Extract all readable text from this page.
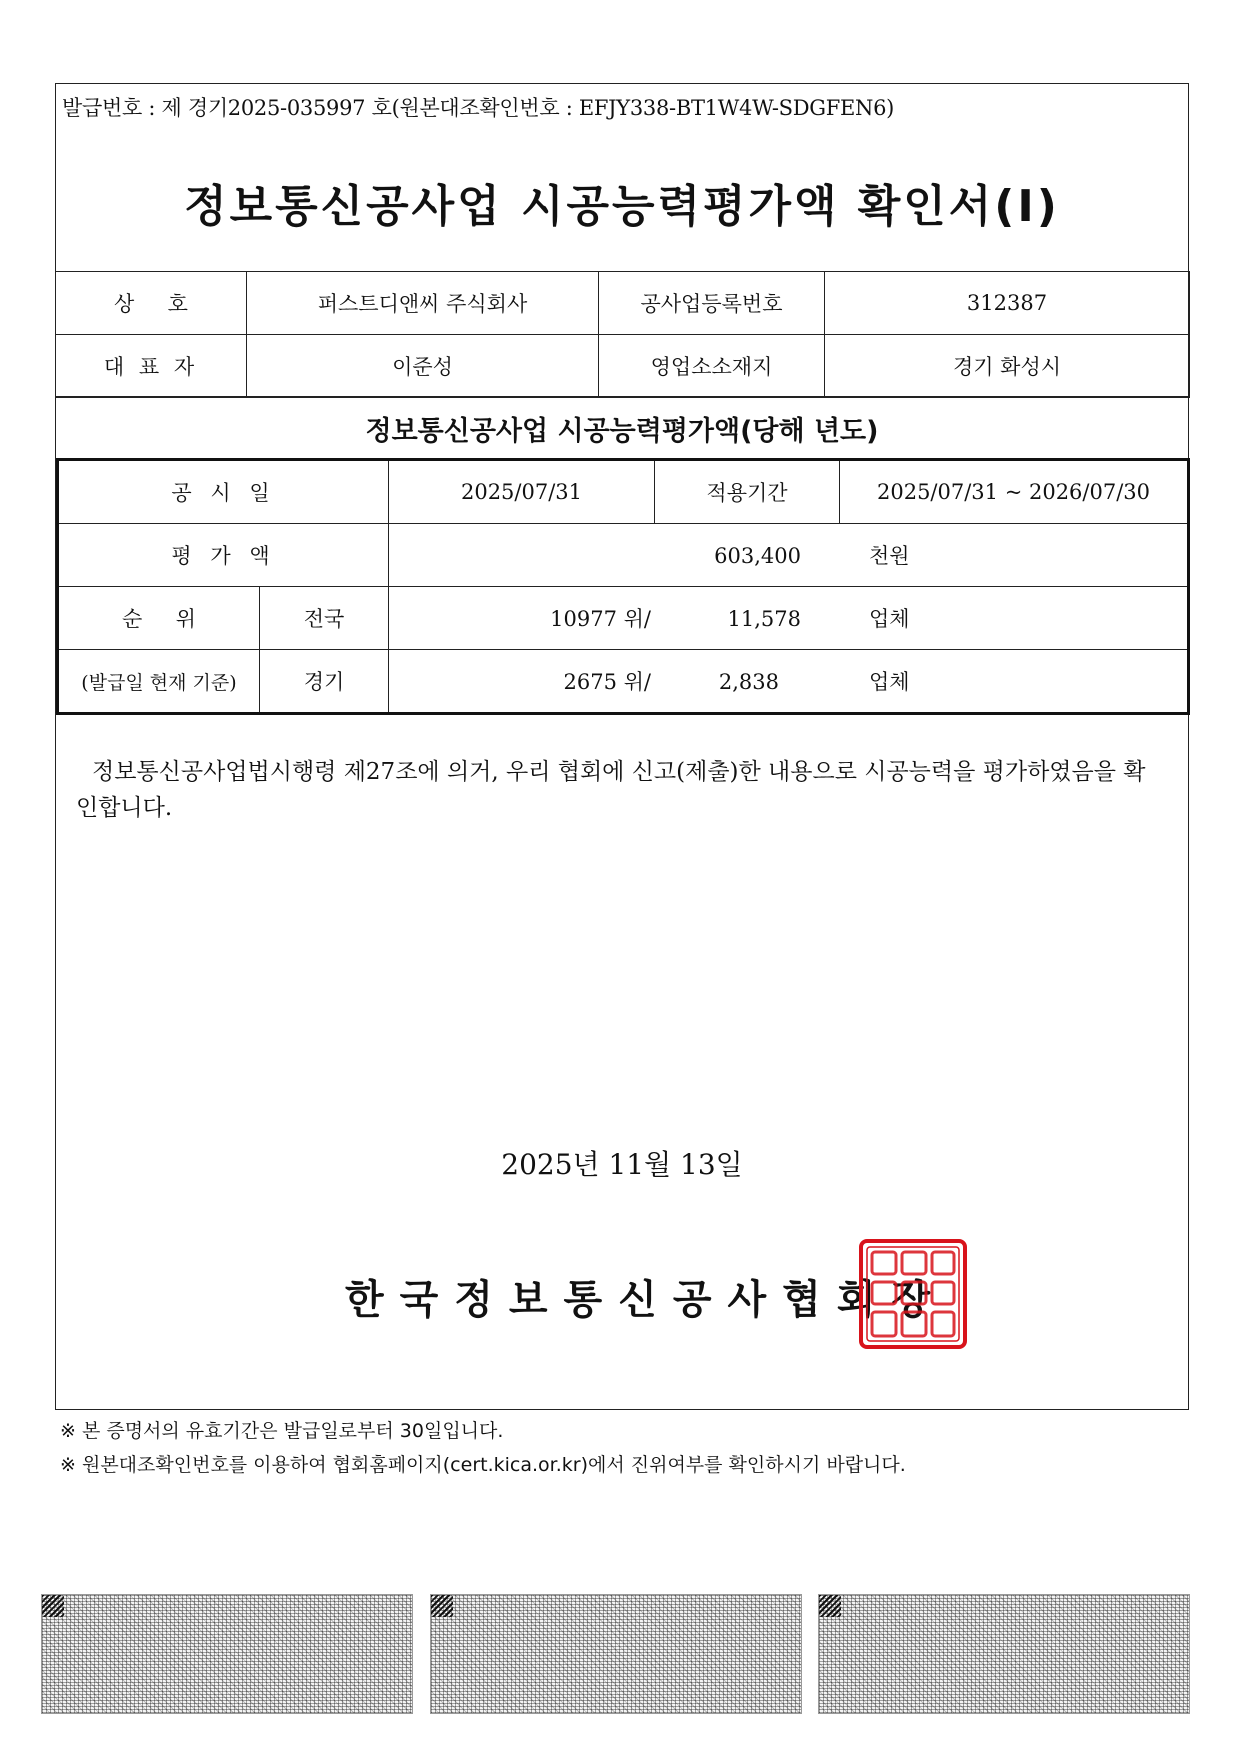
발급번호 : 제 경기2025-035997 호(원본대조확인번호 : EFJY338-BT1W4W-SDGFEN6)
정보통신공사업 시공능력평가액 확인서(Ⅰ)
상     호	퍼스트디앤씨 주식회사	공사업등록번호	312387
대 표 자	이준성	영업소소재지	경기 화성시
정보통신공사업 시공능력평가액(당해 년도)
공 시 일		2025/07/31	적용기간	2025/07/31 ~ 2026/07/30
평 가 액		603,400 천원		
순     위	전국	10977 위/ 11,578 업체		
(발급일 현재 기준)	경기	2675 위/ 2,838 업체		
정보통신공사업법시행령 제27조에 의거, 우리 협회에 신고(제출)한 내용으로 시공능력을 평가하였음을 확인합니다.
2025년 11월 13일
한국정보통신공사협회장
※ 본 증명서의 유효기간은 발급일로부터 30일입니다.
※ 원본대조확인번호를 이용하여 협회홈페이지(cert.kica.or.kr)에서 진위여부를 확인하시기 바랍니다.
